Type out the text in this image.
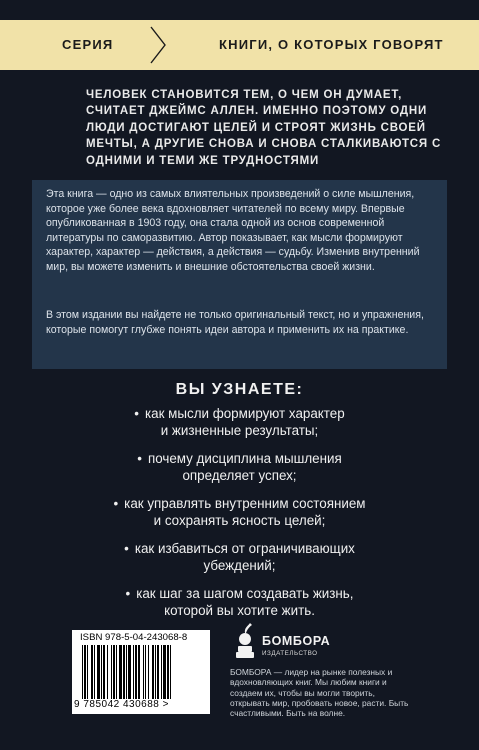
СЕРИЯ	КНИГИ, О КОТОРЫХ ГОВОРЯТ

ЧЕЛОВЕК СТАНОВИТСЯ ТЕМ, О ЧЕМ ОН ДУМАЕТ, СЧИТАЕТ ДЖЕЙМС АЛЛЕН. ИМЕННО ПОЭТОМУ ОДНИ ЛЮДИ ДОСТИГАЮТ ЦЕЛЕЙ И СТРОЯТ ЖИЗНЬ СВОЕЙ МЕЧТЫ, А ДРУГИЕ СНОВА И СНОВА СТАЛКИВАЮТСЯ С ОДНИМИ И ТЕМИ ЖЕ ТРУДНОСТЯМИ

Эта книга — одно из самых влиятельных произведений о силе мышления, которое уже более века вдохновляет читателей по всему миру. Впервые опубликованная в 1903 году, она стала одной из основ современной литературы по саморазвитию. Автор показывает, как мысли формируют характер, характер — действия, а действия — судьбу. Изменив внутренний мир, вы можете изменить и внешние обстоятельства своей жизни.

В этом издании вы найдете не только оригинальный текст, но и упражнения, которые помогут глубже понять идеи автора и применить их на практике.

ВЫ УЗНАЕТЕ:
• как мысли формируют характер
и жизненные результаты;
• почему дисциплина мышления
определяет успех;
• как управлять внутренним состоянием
и сохранять ясность целей;
• как избавиться от ограничивающих
убеждений;
• как шаг за шагом создавать жизнь,
которой вы хотите жить.
ISBN 978-5-04-243068-8
9 785042 430688 >
БОМБОРА
ИЗДАТЕЛЬСТВО

БОМБОРА — лидер на рынке полезных и вдохновляющих книг. Мы любим книги и создаем их, чтобы вы могли творить, открывать мир, пробовать новое, расти. Быть счастливыми. Быть на волне.
